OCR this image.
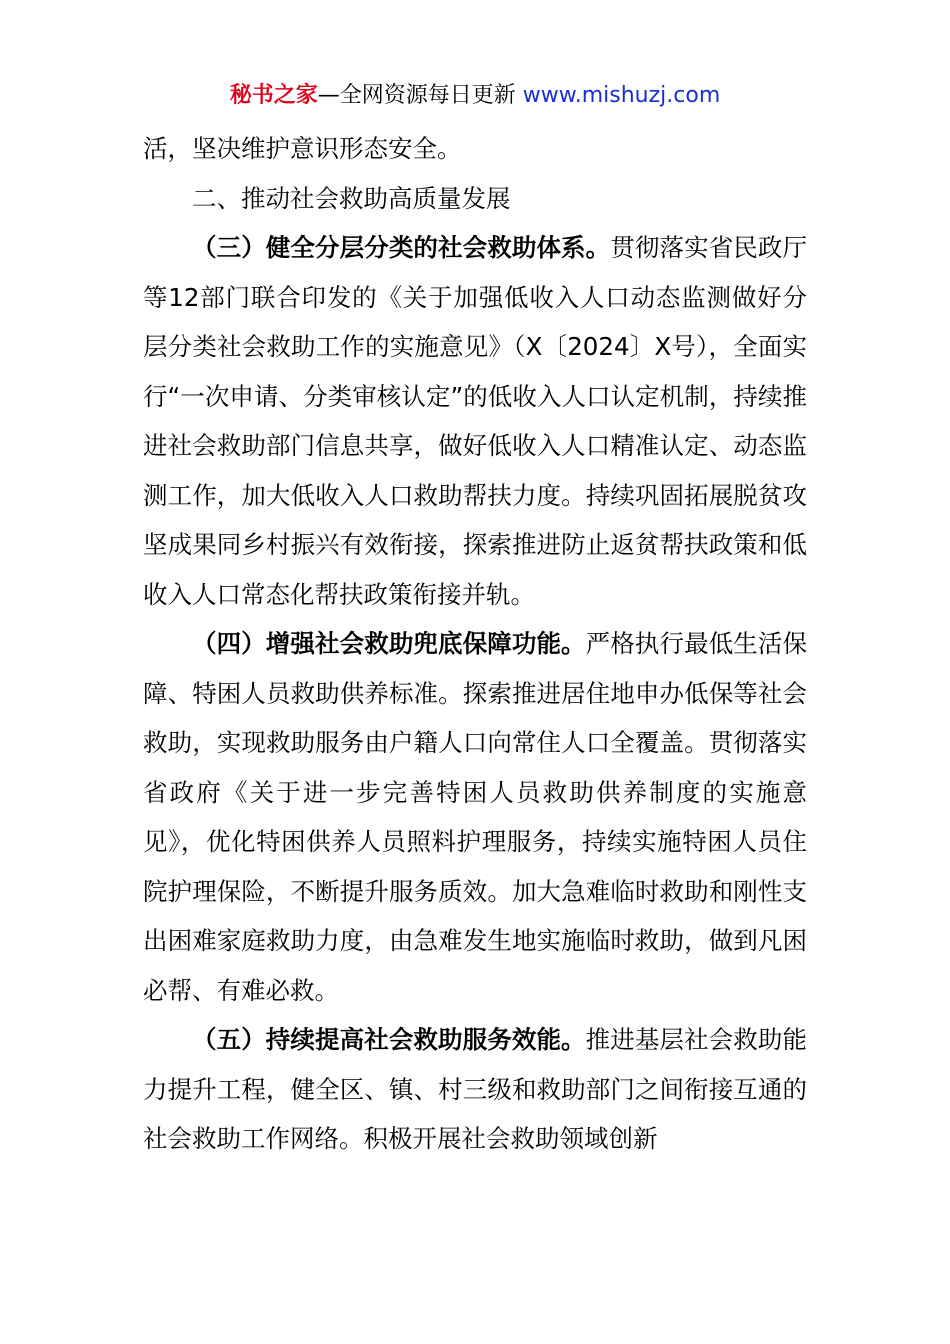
秘书之家—全网资源每日更新 www.mishuzj.com

活，坚决维护意识形态安全。

二、推动社会救助高质量发展

（三）健全分层分类的社会救助体系。贯彻落实省民政厅等12部门联合印发的《关于加强低收入人口动态监测做好分层分类社会救助工作的实施意见》（X〔2024〕X号），全面实行“一次申请、分类审核认定”的低收入人口认定机制，持续推进社会救助部门信息共享，做好低收入人口精准认定、动态监测工作，加大低收入人口救助帮扶力度。持续巩固拓展脱贫攻坚成果同乡村振兴有效衔接，探索推进防止返贫帮扶政策和低收入人口常态化帮扶政策衔接并轨。

（四）增强社会救助兜底保障功能。严格执行最低生活保障、特困人员救助供养标准。探索推进居住地申办低保等社会救助，实现救助服务由户籍人口向常住人口全覆盖。贯彻落实省政府《关于进一步完善特困人员救助供养制度的实施意见》，优化特困供养人员照料护理服务，持续实施特困人员住院护理保险，不断提升服务质效。加大急难临时救助和刚性支出困难家庭救助力度，由急难发生地实施临时救助，做到凡困必帮、有难必救。

（五）持续提高社会救助服务效能。推进基层社会救助能力提升工程，健全区、镇、村三级和救助部门之间衔接互通的社会救助工作网络。积极开展社会救助领域创新
